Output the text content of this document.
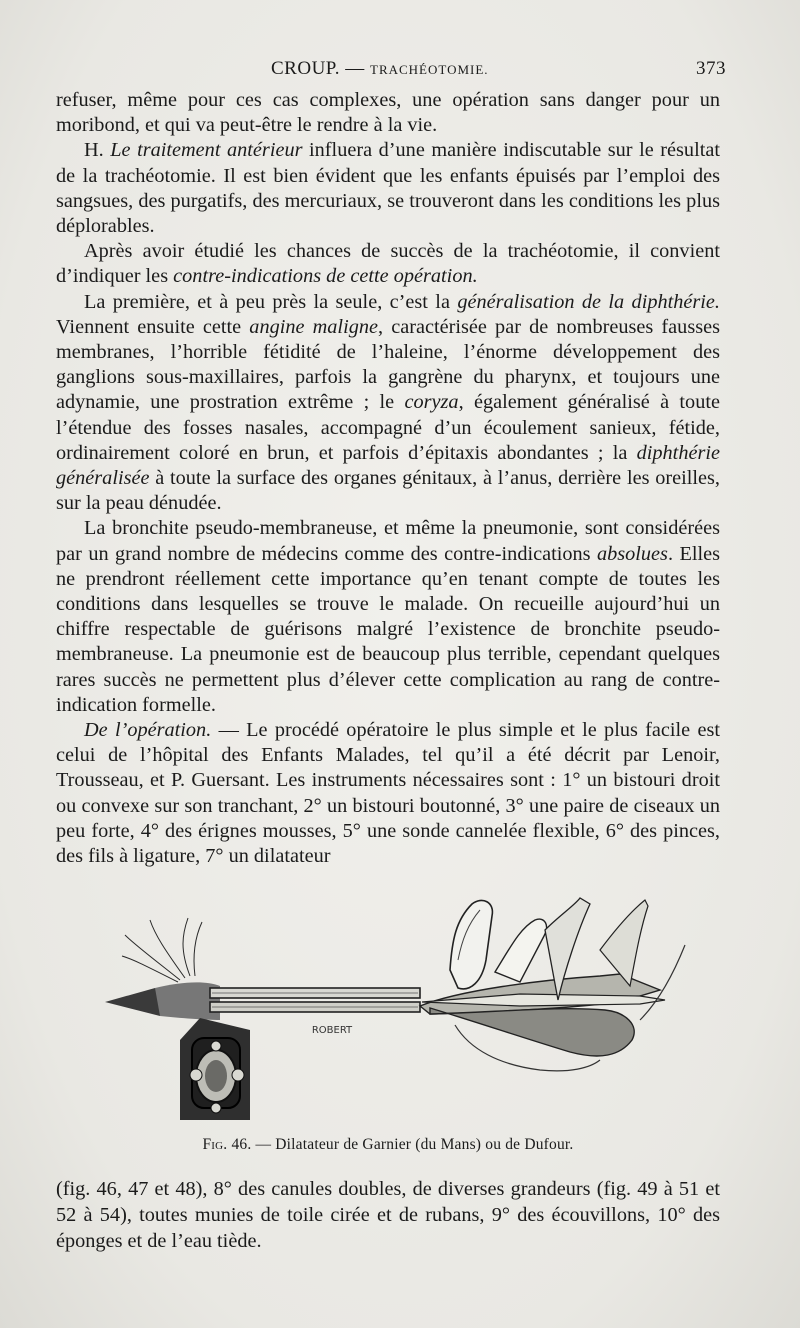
CROUP. — TRACHÉOTOMIE.	373

refuser, même pour ces cas complexes, une opération sans danger pour un moribond, et qui va peut-être le rendre à la vie.

H. Le traitement antérieur influera d’une manière indiscutable sur le résultat de la trachéotomie. Il est bien évident que les enfants épuisés par l’emploi des sangsues, des purgatifs, des mercuriaux, se trouveront dans les conditions les plus déplorables.

Après avoir étudié les chances de succès de la trachéotomie, il convient d’indiquer les contre-indications de cette opération.

La première, et à peu près la seule, c’est la généralisation de la diphthérie. Viennent ensuite cette angine maligne, caractérisée par de nombreuses fausses membranes, l’horrible fétidité de l’haleine, l’énorme développement des ganglions sous-maxillaires, parfois la gangrène du pharynx, et toujours une adynamie, une prostration extrême ; le coryza, également généralisé à toute l’étendue des fosses nasales, accompagné d’un écoulement sanieux, fétide, ordinairement coloré en brun, et parfois d’épitaxis abondantes ; la diphthérie généralisée à toute la surface des organes génitaux, à l’anus, derrière les oreilles, sur la peau dénudée.

La bronchite pseudo-membraneuse, et même la pneumonie, sont considérées par un grand nombre de médecins comme des contre-indications absolues. Elles ne prendront réellement cette importance qu’en tenant compte de toutes les conditions dans lesquelles se trouve le malade. On recueille aujourd’hui un chiffre respectable de guérisons malgré l’existence de bronchite pseudo-membraneuse. La pneumonie est de beaucoup plus terrible, cependant quelques rares succès ne permettent plus d’élever cette complication au rang de contre-indication formelle.

De l’opération. — Le procédé opératoire le plus simple et le plus facile est celui de l’hôpital des Enfants Malades, tel qu’il a été décrit par Lenoir, Trousseau, et P. Guersant. Les instruments nécessaires sont : 1° un bistouri droit ou convexe sur son tranchant, 2° un bistouri boutonné, 3° une paire de ciseaux un peu forte, 4° des érignes mousses, 5° une sonde cannelée flexible, 6° des pinces, des fils à ligature, 7° un dilatateur

ROBERT
Fig. 46. — Dilatateur de Garnier (du Mans) ou de Dufour.

(fig. 46, 47 et 48), 8° des canules doubles, de diverses grandeurs (fig. 49 à 51 et 52 à 54), toutes munies de toile cirée et de rubans, 9° des écouvillons, 10° des éponges et de l’eau tiède.
